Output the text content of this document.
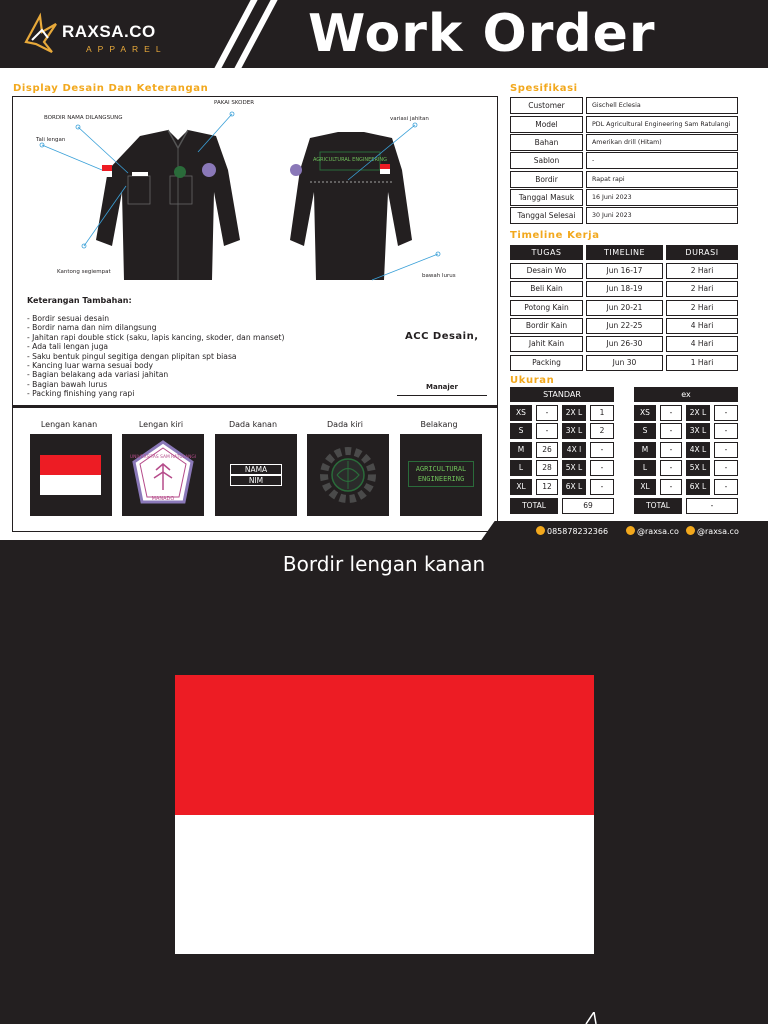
RAXSA.CO
APPAREL	Work Order
Display Desain Dan Keterangan
AGRICULTURAL ENGINEERING
PAKAI SKODER
BORDIR NAMA DILANGSUNG
Tali lengan
Kantong segiempat
variasi jahitan
bawah lurus
Keterangan Tambahan:
- Bordir sesuai desain
- Bordir nama dan nim dilangsung
- Jahitan rapi double stick (saku, lapis kancing, skoder, dan manset)
- Ada tali lengan juga
- Saku bentuk pingul segitiga dengan plipitan spt biasa
- Kancing luar warna sesuai body
- Bagian belakang ada variasi jahitan
- Bagian bawah lurus
- Packing finishing yang rapi
ACC Desain,
Manajer
Lengan kanan	Lengan kiri	Dada kanan	Dada kiri	Belakang
UNIVERSITAS SAM RATULANGI
MANADO
NAMA
NIM
AGRICULTURAL
ENGINEERING
Spesifikasi
Customer	Gischell Eclesia
Model	PDL Agricultural Engineering Sam Ratulangi
Bahan	Amerikan drill (Hitam)
Sablon	-
Bordir	Rapat rapi
Tanggal Masuk	16 Juni 2023
Tanggal Selesai	30 Juni 2023
Timeline Kerja
TUGAS	TIMELINE	DURASI
Desain Wo	Jun 16-17	2 Hari
Beli Kain	Jun 18-19	2 Hari
Potong Kain	Jun 20-21	2 Hari
Bordir Kain	Jun 22-25	4 Hari
Jahit Kain	Jun 26-30	4 Hari
Packing	Jun 30	1 Hari
Ukuran
STANDAR	ex
XS	-	2X L	1
S	-	3X L	2
M	26	4X l	-
L	28	5X L	-
XL	12	6X L	-
TOTAL	69
XS	-	2X L	-
S	-	3X L	-
M	-	4X L	-
L	-	5X L	-
XL	-	6X L	-
TOTAL	-
085878232366	@raxsa.co	@raxsa.co
Bordir lengan kanan
